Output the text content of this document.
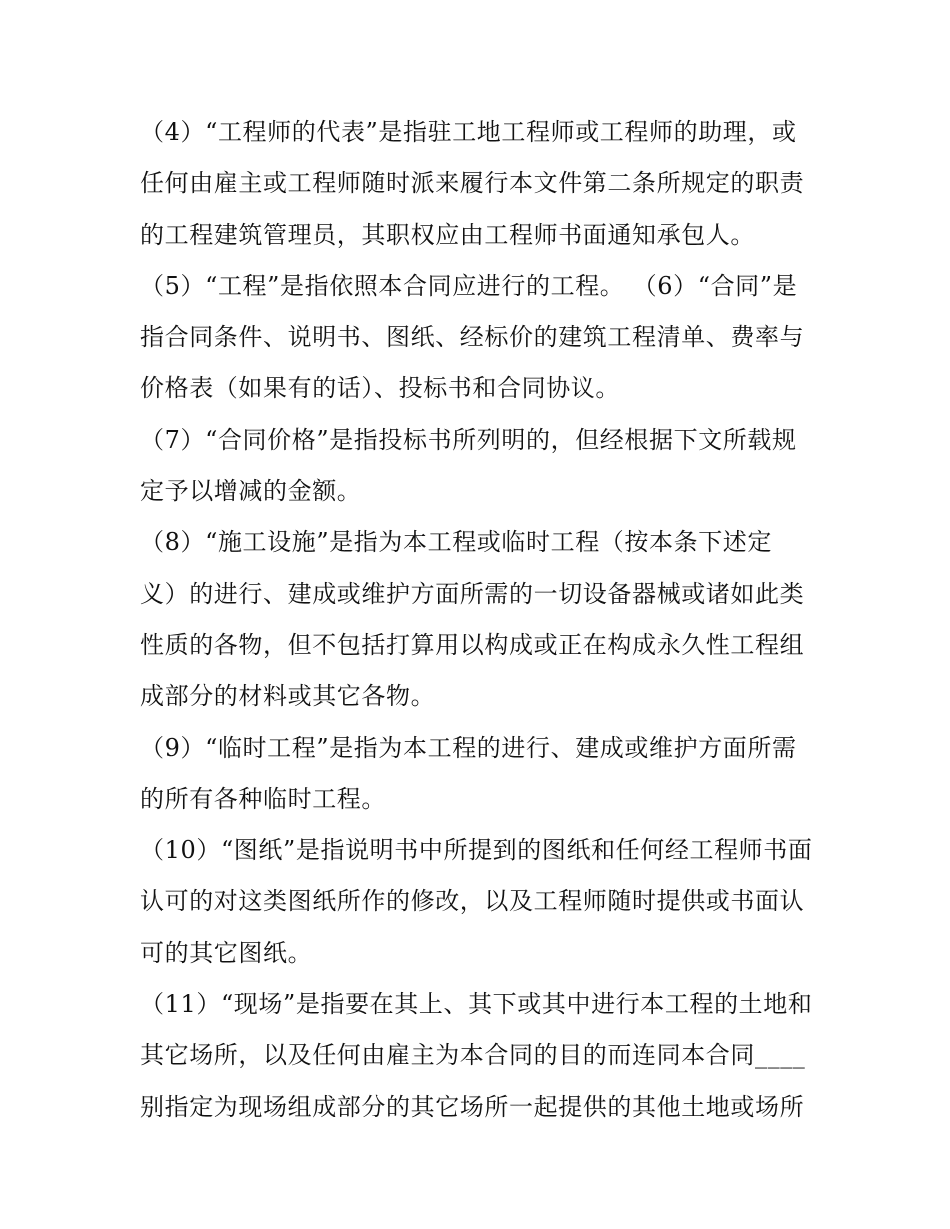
（4）“工程师的代表”是指驻工地工程师或工程师的助理，或
任何由雇主或工程师随时派来履行本文件第二条所规定的职责
的工程建筑管理员，其职权应由工程师书面通知承包人。
（5）“工程”是指依照本合同应进行的工程。 （6）“合同”是
指合同条件、说明书、图纸、经标价的建筑工程清单、费率与
价格表（如果有的话）、投标书和合同协议。
（7）“合同价格”是指投标书所列明的，但经根据下文所载规
定予以增减的金额。
（8）“施工设施”是指为本工程或临时工程（按本条下述定
义）的进行、建成或维护方面所需的一切设备器械或诸如此类
性质的各物，但不包括打算用以构成或正在构成永久性工程组
成部分的材料或其它各物。
（9）“临时工程”是指为本工程的进行、建成或维护方面所需
的所有各种临时工程。
（10）“图纸”是指说明书中所提到的图纸和任何经工程师书面
认可的对这类图纸所作的修改，以及工程师随时提供或书面认
可的其它图纸。
（11）“现场”是指要在其上、其下或其中进行本工程的土地和
其它场所，以及任何由雇主为本合同的目的而连同本合同____
别指定为现场组成部分的其它场所一起提供的其他土地或场所
